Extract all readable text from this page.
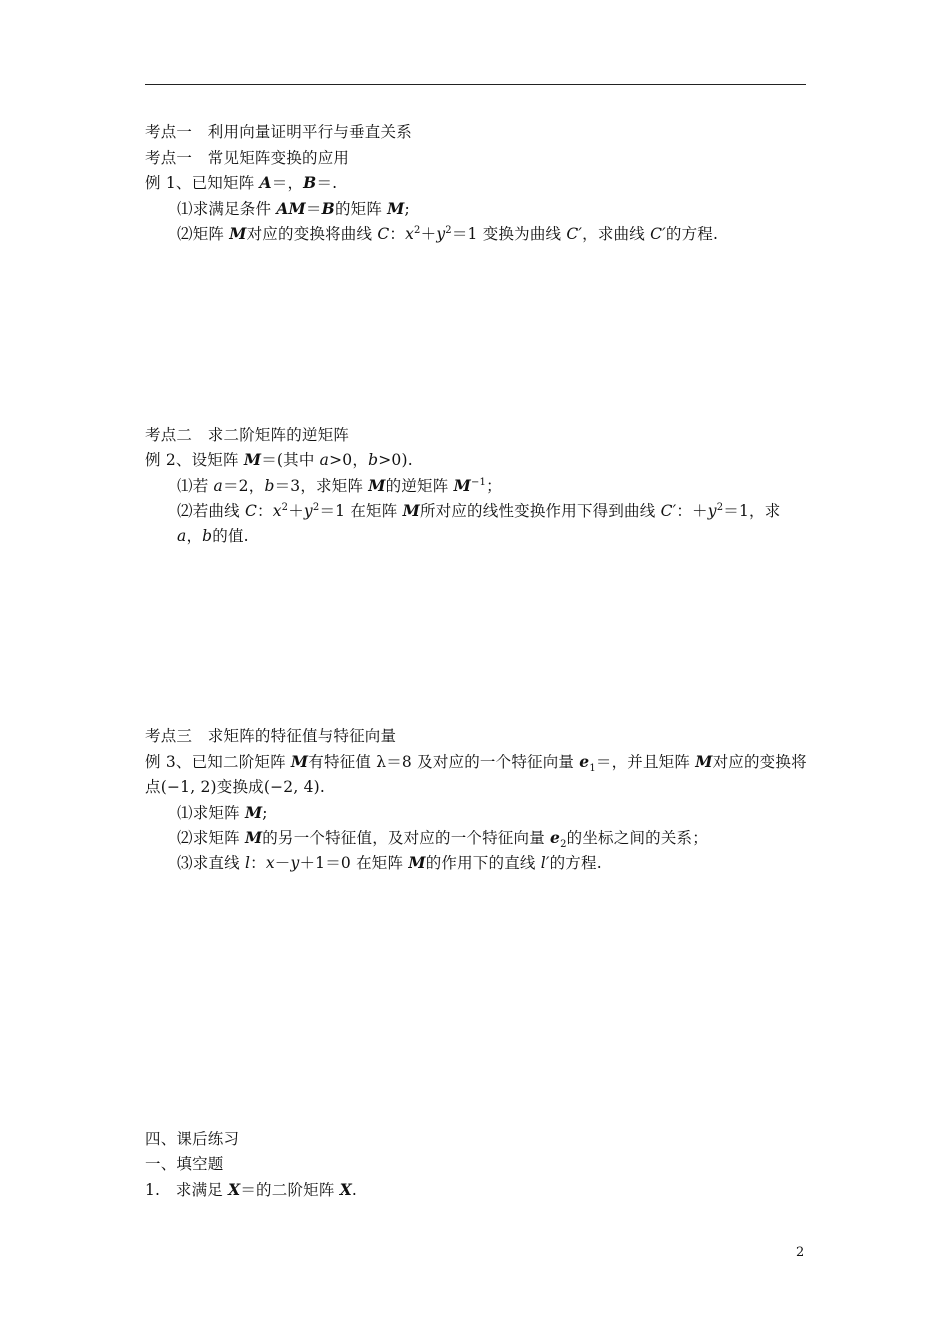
考点一　利用向量证明平行与垂直关系
考点一　常见矩阵变换的应用
例 1、已知矩阵 A＝，B＝.
⑴求满足条件 AM＝B的矩阵 M;
⑵矩阵 M对应的变换将曲线 C：$x^2+y^2=1$ 变换为曲线 C′，求曲线 C′的方程.
考点二　求二阶矩阵的逆矩阵
例 2、设矩阵 M＝(其中 a>0，b>0).
⑴若 a＝2，b＝3，求矩阵 M的逆矩阵 $M^{-1}$；
⑵若曲线 C：$x^2+y^2=1$ 在矩阵 M所对应的线性变换作用下得到曲线 C′：$+y^2=1$，求
a，b的值.
考点三　求矩阵的特征值与特征向量
例 3、已知二阶矩阵 M有特征值 λ＝8 及对应的一个特征向量 $e_1=$，并且矩阵 M对应的变换将
点(−1, 2)变换成(−2, 4).
⑴求矩阵 M;
⑵求矩阵 M的另一个特征值，及对应的一个特征向量 $e_2$的坐标之间的关系；
⑶求直线 l：x－y＋1＝0 在矩阵 M的作用下的直线 l′的方程.
四、课后练习
一、填空题
1.　求满足 X＝的二阶矩阵 X.
2
